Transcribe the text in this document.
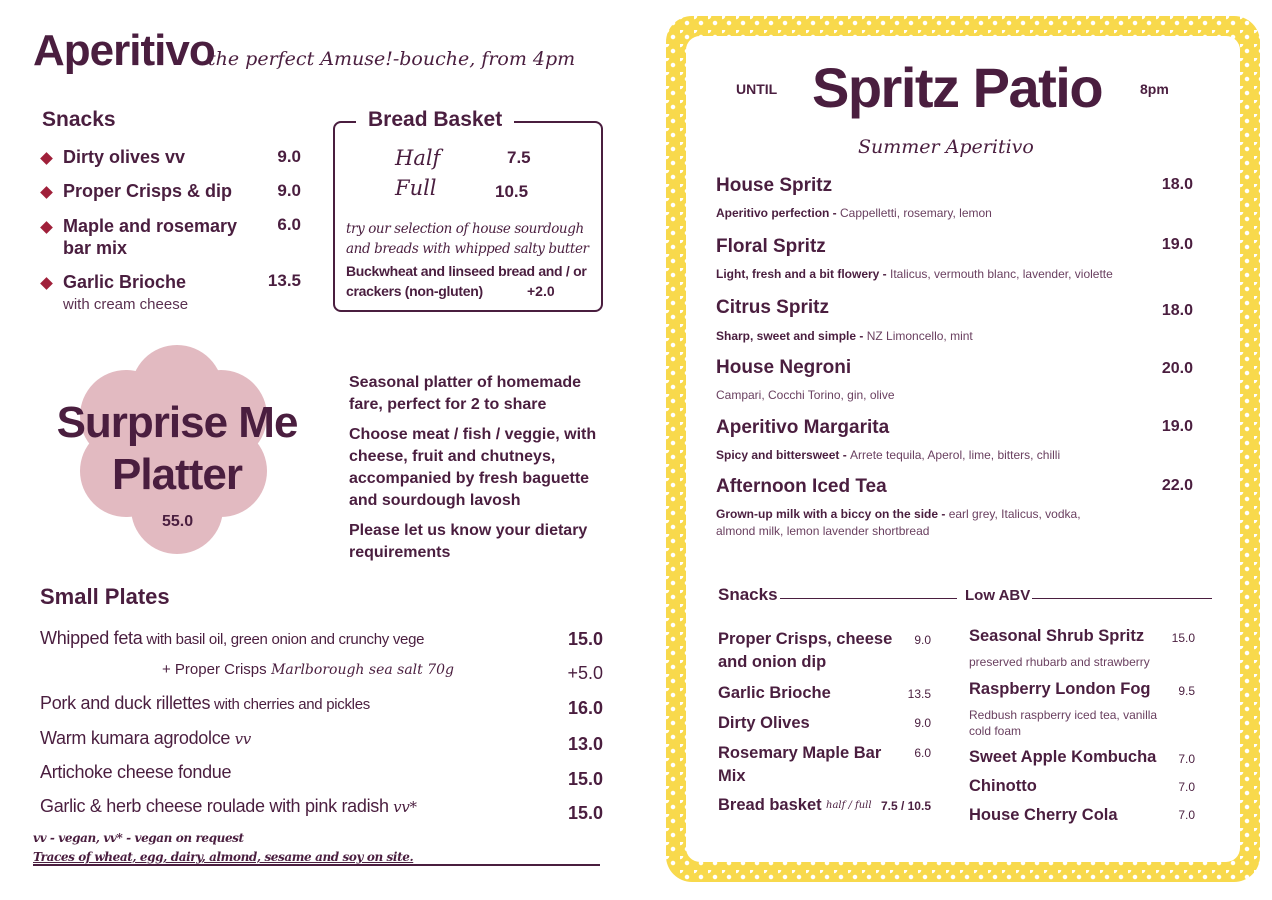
Aperitivo
the perfect Amuse!-bouche, from 4pm
Snacks
Dirty olives vv	9.0
Proper Crisps & dip	9.0
Maple and rosemary
bar mix
6.0
Garlic Brioche
with cream cheese
13.5
Bread Basket
Half	7.5
Full	10.5
try our selection of house sourdough
and breads with whipped salty butter
Buckwheat and linseed bread and / or
crackers (non-gluten)	+2.0
Surprise Me
Platter
55.0
Seasonal platter of homemade
fare, perfect for 2 to share
Choose meat / fish / veggie, with
cheese, fruit and chutneys,
accompanied by fresh baguette
and sourdough lavosh
Please let us know your dietary
requirements
Small Plates
Whipped feta with basil oil, green onion and crunchy vege	15.0
+ Proper Crisps Marlborough sea salt 70g	+5.0
Pork and duck rillettes with cherries and pickles	16.0
Warm kumara agrodolce vv	13.0
Artichoke cheese fondue	15.0
Garlic & herb cheese roulade with pink radish vv*	15.0
vv - vegan, vv* - vegan on request
Traces of wheat, egg, dairy, almond, sesame and soy on site.
UNTIL Spritz Patio	8pm
Summer Aperitivo
House Spritz	18.0
Aperitivo perfection - Cappelletti, rosemary, lemon
Floral Spritz	19.0
Light, fresh and a bit flowery - Italicus, vermouth blanc, lavender, violette
Citrus Spritz	18.0
Sharp, sweet and simple - NZ Limoncello, mint
House Negroni	20.0
Campari, Cocchi Torino, gin, olive
Aperitivo Margarita	19.0
Spicy and bittersweet - Arrete tequila, Aperol, lime, bitters, chilli
Afternoon Iced Tea	22.0
Grown-up milk with a biccy on the side - earl grey, Italicus, vodka,
almond milk, lemon lavender shortbread
Snacks	Low ABV
Proper Crisps, cheese
and onion dip
9.0
Garlic Brioche	13.5
Dirty Olives	9.0
Rosemary Maple Bar
Mix
6.0
Bread basket half / full 7.5 / 10.5
Seasonal Shrub Spritz	15.0
preserved rhubarb and strawberry
Raspberry London Fog	9.5
Redbush raspberry iced tea, vanilla
cold foam
Sweet Apple Kombucha	7.0
Chinotto	7.0
House Cherry Cola	7.0
